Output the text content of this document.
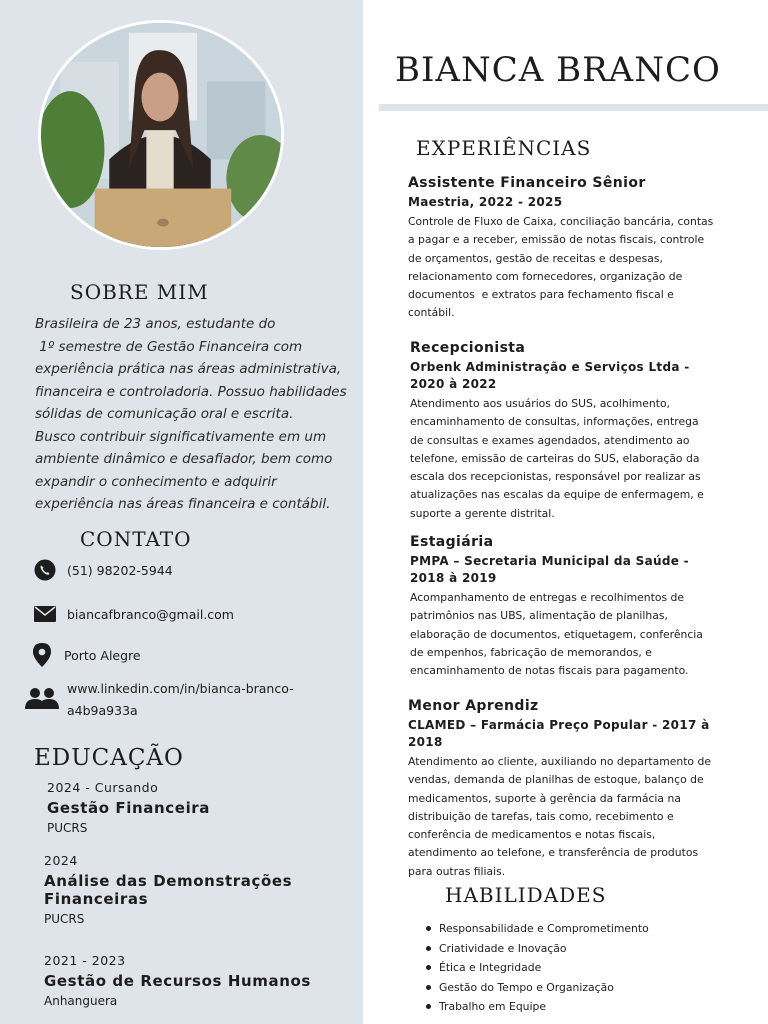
SOBRE MIM
Brasileira de 23 anos, estudante do
1º semestre de Gestão Financeira com
experiência prática nas áreas administrativa,
financeira e controladoria. Possuo habilidades
sólidas de comunicação oral e escrita.
Busco contribuir significativamente em um
ambiente dinâmico e desafiador, bem como
expandir o conhecimento e adquirir
experiência nas áreas financeira e contábil.
CONTATO
(51) 98202-5944
biancafbranco@gmail.com
Porto Alegre
www.linkedin.com/in/bianca-branco-
a4b9a933a
EDUCAÇÃO
2024 - Cursando
Gestão Financeira
PUCRS
2024
Análise das Demonstrações Financeiras
PUCRS
2021 - 2023
Gestão de Recursos Humanos
Anhanguera
BIANCA BRANCO
EXPERIÊNCIAS
Assistente Financeiro Sênior
Maestria, 2022 - 2025
Controle de Fluxo de Caixa, conciliação bancária, contas
a pagar e a receber, emissão de notas fiscais, controle
de orçamentos, gestão de receitas e despesas,
relacionamento com fornecedores, organização de
documentos  e extratos para fechamento fiscal e
contábil.
Recepcionista
Orbenk Administração e Serviços Ltda - 2020 à 2022
Atendimento aos usuários do SUS, acolhimento,
encaminhamento de consultas, informações, entrega
de consultas e exames agendados, atendimento ao
telefone, emissão de carteiras do SUS, elaboração da
escala dos recepcionistas, responsável por realizar as
atualizações nas escalas da equipe de enfermagem, e
suporte a gerente distrital.
Estagiária
PMPA – Secretaria Municipal da Saúde - 2018 à 2019
Acompanhamento de entregas e recolhimentos de
patrimônios nas UBS, alimentação de planilhas,
elaboração de documentos, etiquetagem, conferência
de empenhos, fabricação de memorandos, e
encaminhamento de notas fiscais para pagamento.
Menor Aprendiz
CLAMED – Farmácia Preço Popular - 2017 à 2018
Atendimento ao cliente, auxiliando no departamento de
vendas, demanda de planilhas de estoque, balanço de
medicamentos, suporte à gerência da farmácia na
distribuição de tarefas, tais como, recebimento e
conferência de medicamentos e notas fiscais,
atendimento ao telefone, e transferência de produtos
para outras filiais.
HABILIDADES
Responsabilidade e Comprometimento
Criatividade e Inovação
Ética e Integridade
Gestão do Tempo e Organização
Trabalho em Equipe
